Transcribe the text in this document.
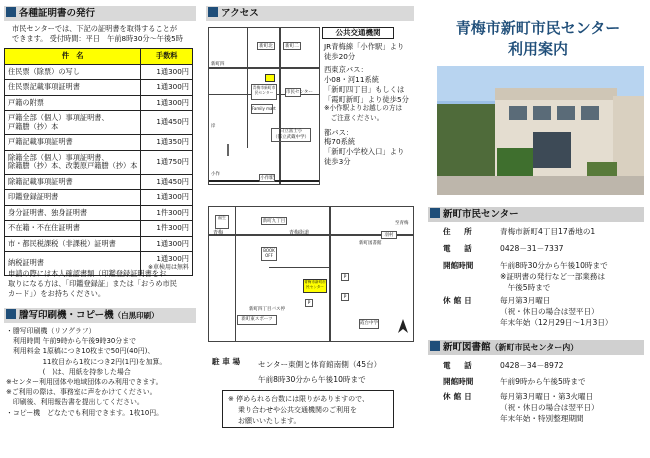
各種証明書の発行
市民センターでは、下記の証明書を取得することが
できます。 受付時間：平日　午前8時30分～午後5時
件　名	手数料

住民票（除票）の写し	1通300円

住民票記載事項証明書	1通300円

戸籍の附票	1通300円

戸籍全部（個人）事項証明書、
戸籍謄（抄）本	1通450円

戸籍記載事項証明書	1通350円

除籍全部（個人）事項証明書、
除籍謄（抄）本、改製原戸籍謄（抄）本	1通750円

除籍記載事項証明書	1通450円

印鑑登録証明書	1通300円

身分証明書、独身証明書	1件300円

不在籍・不在住証明書	1件300円

市・都民税課税（非課税）証明書	1通300円

納税証明書	1通300円
※車検用は無料
申請の際には本人確認書類（印鑑登録証明書をお
取りになる方は、「印鑑登録証」または「おうめ市民
カード」）をお持ちください。
謄写印刷機・コピー機（白黒印刷）
・謄写印刷機（リソグラフ）
　利用時間 午前9時から午後9時30分まで
　利用料金 1原稿につき10枚まで50円(40円)、
　　　　　 11枚目から1枚につき2円(1円)を加算。
　　　　　 (　)は、用紙を持参した場合
※センター利用団体や地域団体のみ利用できます。
※ご利用の際は、事務室に声をかけてください。
　印刷後、利用報告書を提出してください。
・コピー機　どなたでも利用できます。1枚10円。
アクセス
新町北	新町二
新町四
青梅市新町市民センター
Family mart
市民センター
日立富士小
（都立武蔵中学）
小作駅
岸
小作
公共交通機関
JR青梅線「小作駅」より
徒歩20分
西東京バス：
小08・河11系統
「新町四丁目」もしくは
「霞町新町」より徒歩5分
※小作駅よりお越しの方は
　ご注意ください。
都バス：
梅70系統
「新町小学校入口」より
徒歩3分
福生
新町九丁目
青梅街道	羽村
新町図書館
BOOK OFF
青梅市新町市民センター
P
P
新町四丁目バス停
新町東スポーツ
霞台中学
青梅
至青梅
P
駐 車 場 センター東側と体育館南側（45台）
午前8時30分から午後10時まで
※ 停められる台数には限りがありますので、
乗り合わせや公共交通機関のご利用を
お願いいたします。
青梅市新町市民センター
利用案内
新町市民センター
住　所	青梅市新町4丁目17番地の1
電　話	0428－31－7337
開館時間	午前8時30分から午後10時まで
※証明書の発行など一部業務は
　午後5時まで
休館日	毎月第3月曜日
（祝・休日の場合は翌平日）
年末年始（12月29日～1月3日）
新町図書館（新町市民センター内）
電　話	0428－34－8972
開館時間	午前9時から午後5時まで
休館日	毎月第3月曜日・第3火曜日
（祝・休日の場合は翌平日）
年末年始・特別整理期間
